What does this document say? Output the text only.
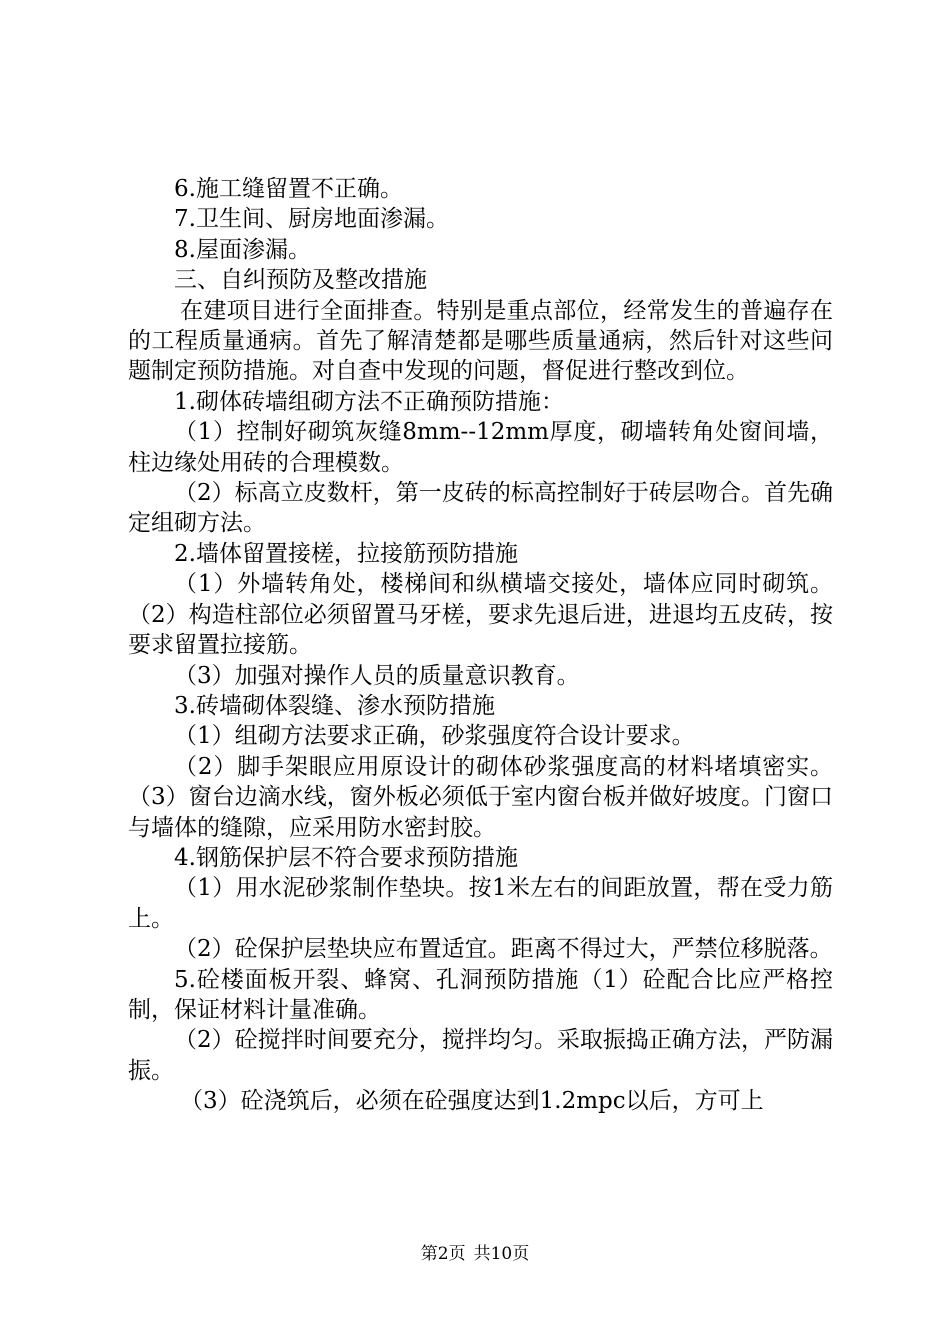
6.施工缝留置不正确。

7.卫生间、厨房地面渗漏。

8.屋面渗漏。

三、自纠预防及整改措施

在建项目进行全面排查。特别是重点部位，经常发生的普遍存在的工程质量通病。首先了解清楚都是哪些质量通病，然后针对这些问题制定预防措施。对自查中发现的问题，督促进行整改到位。

1.砌体砖墙组砌方法不正确预防措施：

（1）控制好砌筑灰缝8mm--12mm厚度，砌墙转角处窗间墙，柱边缘处用砖的合理模数。

（2）标高立皮数杆，第一皮砖的标高控制好于砖层吻合。首先确定组砌方法。

2.墙体留置接槎，拉接筋预防措施

（1）外墙转角处，楼梯间和纵横墙交接处，墙体应同时砌筑。（2）构造柱部位必须留置马牙槎，要求先退后进，进退均五皮砖，按要求留置拉接筋。

（3）加强对操作人员的质量意识教育。

3.砖墙砌体裂缝、渗水预防措施

（1）组砌方法要求正确，砂浆强度符合设计要求。

（2）脚手架眼应用原设计的砌体砂浆强度高的材料堵填密实。（3）窗台边滴水线，窗外板必须低于室内窗台板并做好坡度。门窗口与墙体的缝隙，应采用防水密封胶。

4.钢筋保护层不符合要求预防措施

（1）用水泥砂浆制作垫块。按1米左右的间距放置，帮在受力筋上。

（2）砼保护层垫块应布置适宜。距离不得过大，严禁位移脱落。

5.砼楼面板开裂、蜂窝、孔洞预防措施（1）砼配合比应严格控制，保证材料计量准确。

（2）砼搅拌时间要充分，搅拌均匀。采取振捣正确方法，严防漏振。

（3）砼浇筑后，必须在砼强度达到1.2mpc以后，方可上

第2页 共10页
